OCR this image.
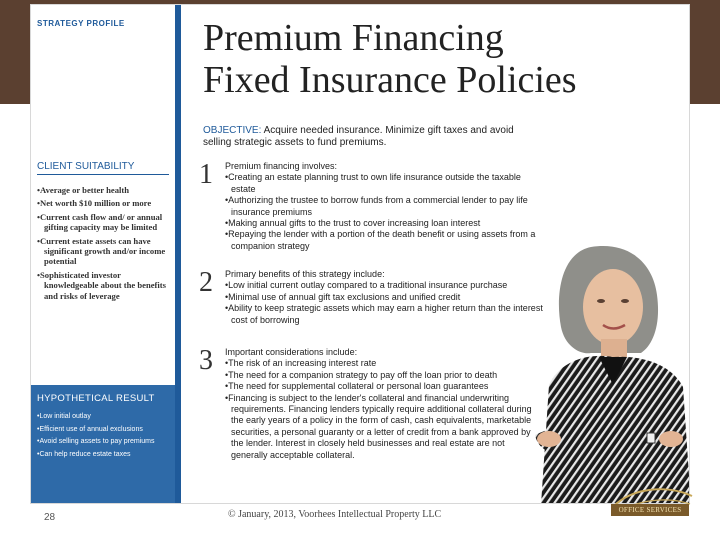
STRATEGY PROFILE
CLIENT SUITABILITY
• Average or better health
• Net worth $10 million or more
• Current cash flow and/ or annual gifting capacity may be limited
• Current estate assets can have significant growth and/or income potential
• Sophisticated investor knowledgeable about the benefits and risks of leverage
HYPOTHETICAL RESULT
• Low initial outlay
• Efficient use of annual exclusions
• Avoid selling assets to pay premiums
• Can help reduce estate taxes
Premium Financing
Fixed Insurance Policies
OBJECTIVE: Acquire needed insurance. Minimize gift taxes and avoid selling strategic assets to fund premiums.
1 Premium financing involves:
• Creating an estate planning trust to own life insurance outside the taxable estate
• Authorizing the trustee to borrow funds from a commercial lender to pay life insurance premiums
• Making annual gifts to the trust to cover increasing loan interest
• Repaying the lender with a portion of the death benefit or using assets from a companion strategy
2 Primary benefits of this strategy include:
• Low initial current outlay compared to a traditional insurance purchase
• Minimal use of annual gift tax exclusions and unified credit
• Ability to keep strategic assets which may earn a higher return than the interest cost of borrowing
3 Important considerations include:
• The risk of an increasing interest rate
• The need for a companion strategy to pay off the loan prior to death
• The need for supplemental collateral or personal loan guarantees
• Financing is subject to the lender's collateral and financial underwriting requirements. Financing lenders typically require additional collateral during the early years of a policy in the form of cash, cash equivalents, marketable securities, a personal guaranty or a letter of credit from a bank approved by the lender. Interest in closely held businesses and real estate are not generally acceptable collateral.
28	© January, 2013, Voorhees Intellectual Property LLC	OFFICE SERVICES
